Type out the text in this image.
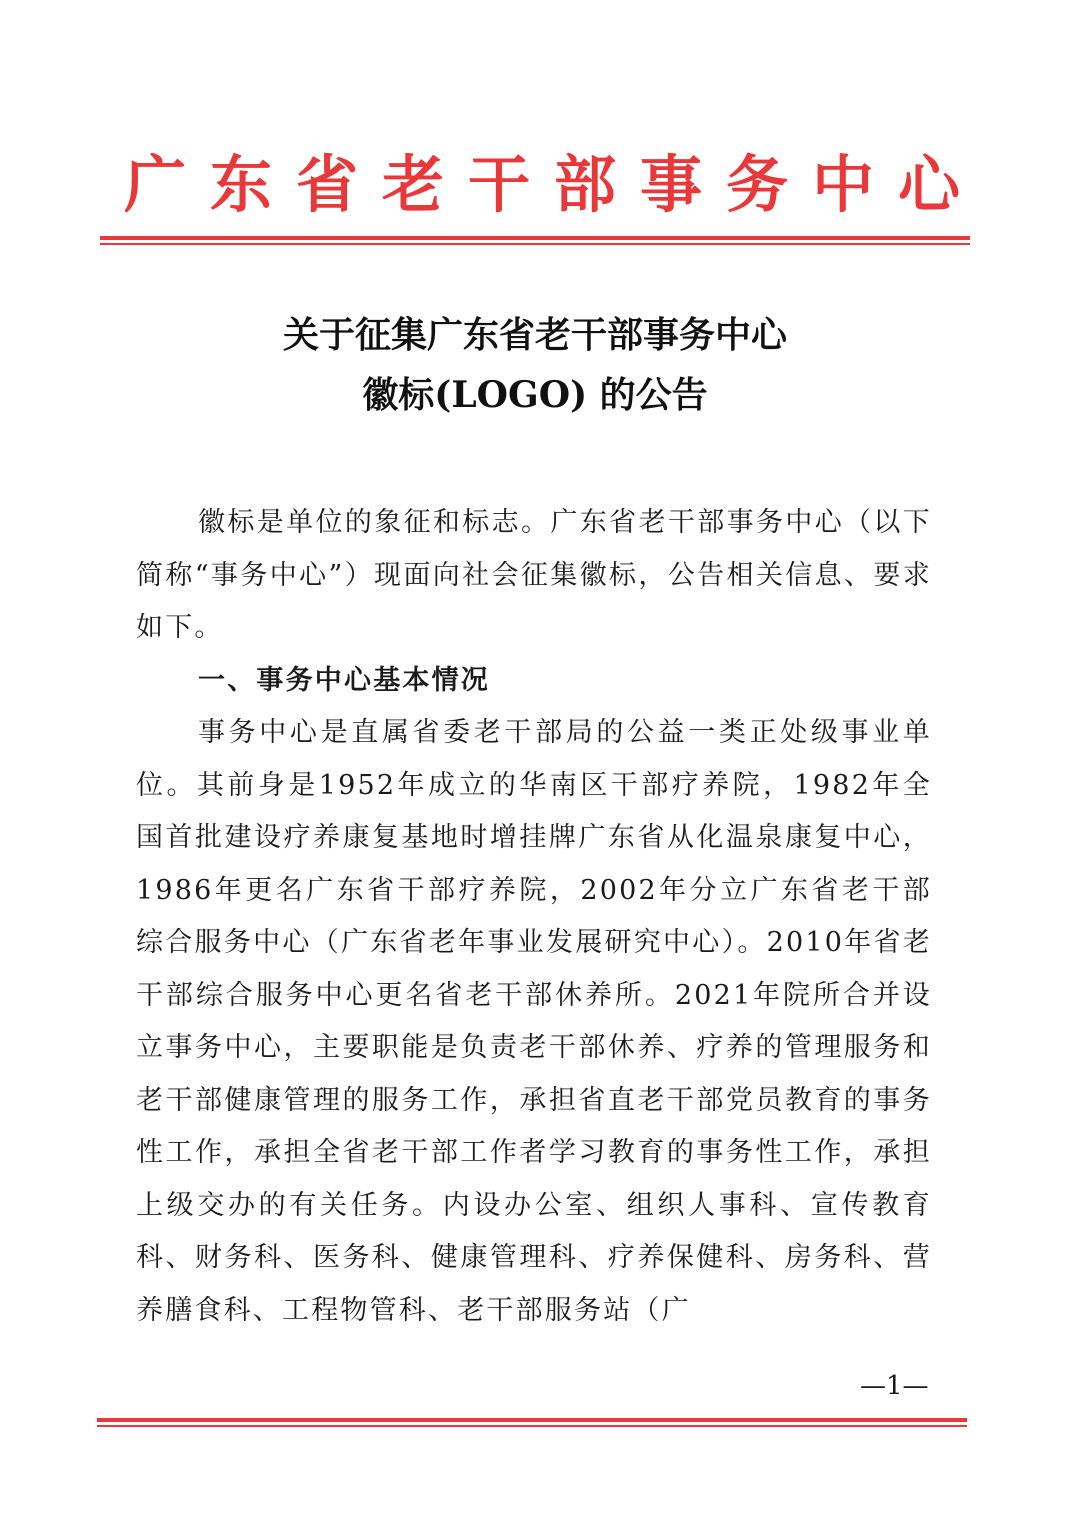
广东省老干部事务中心
关于征集广东省老干部事务中心
徽标(LOGO) 的公告

徽标是单位的象征和标志。广东省老干部事务中心（以下简称“事务中心”）现面向社会征集徽标，公告相关信息、要求如下。

一、事务中心基本情况

事务中心是直属省委老干部局的公益一类正处级事业单位。其前身是1952年成立的华南区干部疗养院，1982年全国首批建设疗养康复基地时增挂牌广东省从化温泉康复中心，1986年更名广东省干部疗养院，2002年分立广东省老干部综合服务中心（广东省老年事业发展研究中心）。2010年省老干部综合服务中心更名省老干部休养所。2021年院所合并设立事务中心，主要职能是负责老干部休养、疗养的管理服务和老干部健康管理的服务工作，承担省直老干部党员教育的事务性工作，承担全省老干部工作者学习教育的事务性工作，承担上级交办的有关任务。内设办公室、组织人事科、宣传教育科、财务科、医务科、健康管理科、疗养保健科、房务科、营养膳食科、工程物管科、老干部服务站（广

—1—
